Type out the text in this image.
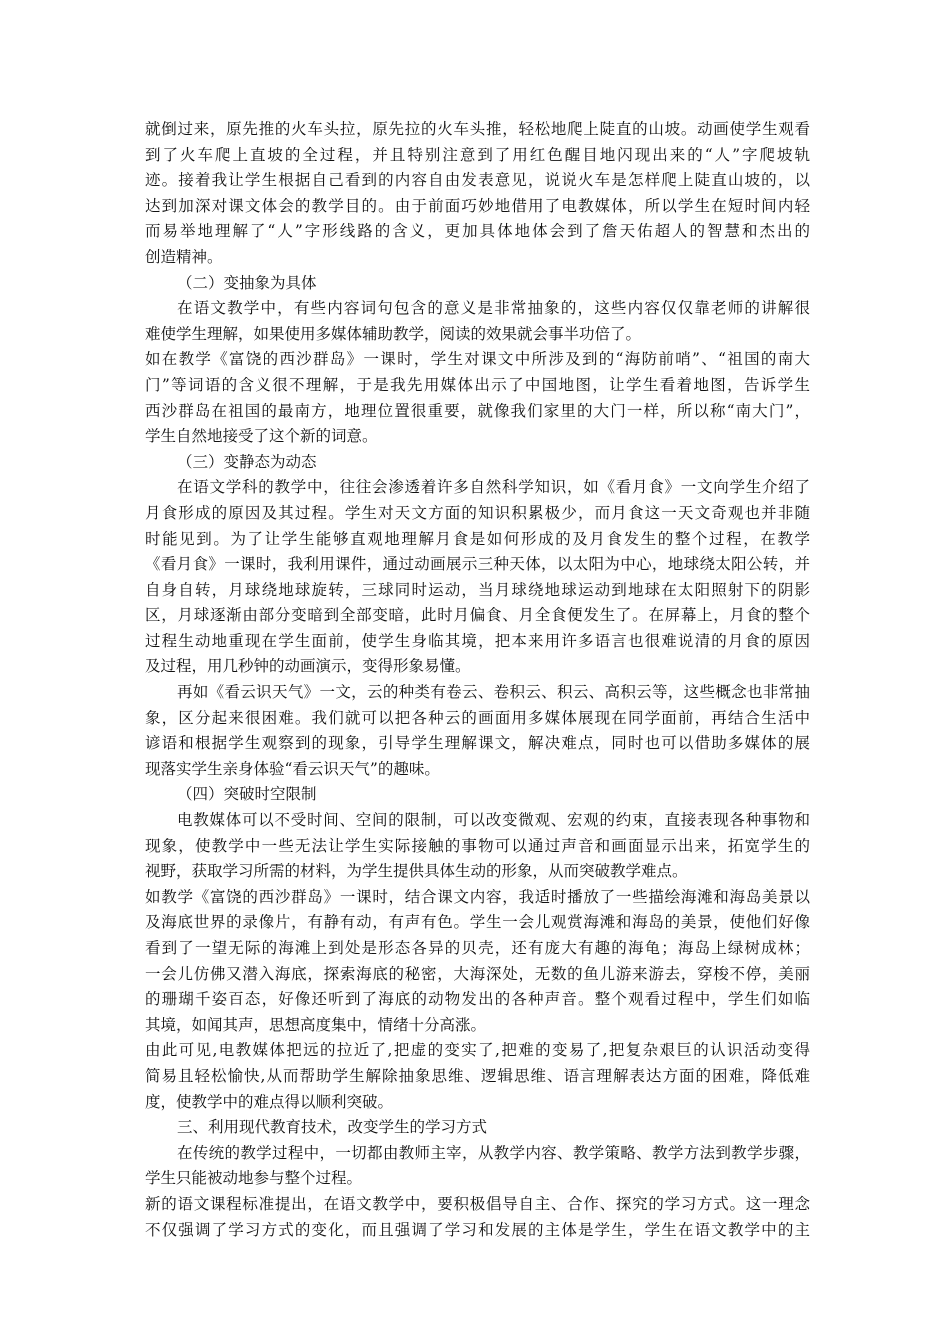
就倒过来，原先推的火车头拉，原先拉的火车头推，轻松地爬上陡直的山坡。动画使学生观看
到了火车爬上直坡的全过程，并且特别注意到了用红色醒目地闪现出来的“人”字爬坡轨
迹。接着我让学生根据自己看到的内容自由发表意见，说说火车是怎样爬上陡直山坡的，以
达到加深对课文体会的教学目的。由于前面巧妙地借用了电教媒体，所以学生在短时间内轻
而易举地理解了“人”字形线路的含义，更加具体地体会到了詹天佑超人的智慧和杰出的
创造精神。
（二）变抽象为具体
在语文教学中，有些内容词句包含的意义是非常抽象的，这些内容仅仅靠老师的讲解很
难使学生理解，如果使用多媒体辅助教学，阅读的效果就会事半功倍了。
如在教学《富饶的西沙群岛》一课时，学生对课文中所涉及到的“海防前哨”、“祖国的南大
门”等词语的含义很不理解，于是我先用媒体出示了中国地图，让学生看着地图，告诉学生
西沙群岛在祖国的最南方，地理位置很重要，就像我们家里的大门一样，所以称“南大门”，
学生自然地接受了这个新的词意。
（三）变静态为动态
在语文学科的教学中，往往会渗透着许多自然科学知识，如《看月食》一文向学生介绍了
月食形成的原因及其过程。学生对天文方面的知识积累极少，而月食这一天文奇观也并非随
时能见到。为了让学生能够直观地理解月食是如何形成的及月食发生的整个过程，在教学
《看月食》一课时，我利用课件，通过动画展示三种天体，以太阳为中心，地球绕太阳公转，并
自身自转，月球绕地球旋转，三球同时运动，当月球绕地球运动到地球在太阳照射下的阴影
区，月球逐渐由部分变暗到全部变暗，此时月偏食、月全食便发生了。在屏幕上，月食的整个
过程生动地重现在学生面前，使学生身临其境，把本来用许多语言也很难说清的月食的原因
及过程，用几秒钟的动画演示，变得形象易懂。
再如《看云识天气》一文，云的种类有卷云、卷积云、积云、高积云等，这些概念也非常抽
象，区分起来很困难。我们就可以把各种云的画面用多媒体展现在同学面前，再结合生活中
谚语和根据学生观察到的现象，引导学生理解课文，解决难点，同时也可以借助多媒体的展
现落实学生亲身体验“看云识天气”的趣味。
（四）突破时空限制
电教媒体可以不受时间、空间的限制，可以改变微观、宏观的约束，直接表现各种事物和
现象，使教学中一些无法让学生实际接触的事物可以通过声音和画面显示出来，拓宽学生的
视野，获取学习所需的材料，为学生提供具体生动的形象，从而突破教学难点。
如教学《富饶的西沙群岛》一课时，结合课文内容，我适时播放了一些描绘海滩和海岛美景以
及海底世界的录像片，有静有动，有声有色。学生一会儿观赏海滩和海岛的美景，使他们好像
看到了一望无际的海滩上到处是形态各异的贝壳，还有庞大有趣的海龟；海岛上绿树成林；
一会儿仿佛又潜入海底，探索海底的秘密，大海深处，无数的鱼儿游来游去，穿梭不停，美丽
的珊瑚千姿百态，好像还听到了海底的动物发出的各种声音。整个观看过程中，学生们如临
其境，如闻其声，思想高度集中，情绪十分高涨。
由此可见,电教媒体把远的拉近了,把虚的变实了,把难的变易了,把复杂艰巨的认识活动变得
简易且轻松愉快,从而帮助学生解除抽象思维、逻辑思维、语言理解表达方面的困难，降低难
度，使教学中的难点得以顺利突破。
三、利用现代教育技术，改变学生的学习方式
在传统的教学过程中，一切都由教师主宰，从教学内容、教学策略、教学方法到教学步骤，
学生只能被动地参与整个过程。
新的语文课程标准提出，在语文教学中，要积极倡导自主、合作、探究的学习方式。这一理念
不仅强调了学习方式的变化，而且强调了学习和发展的主体是学生，学生在语文教学中的主
